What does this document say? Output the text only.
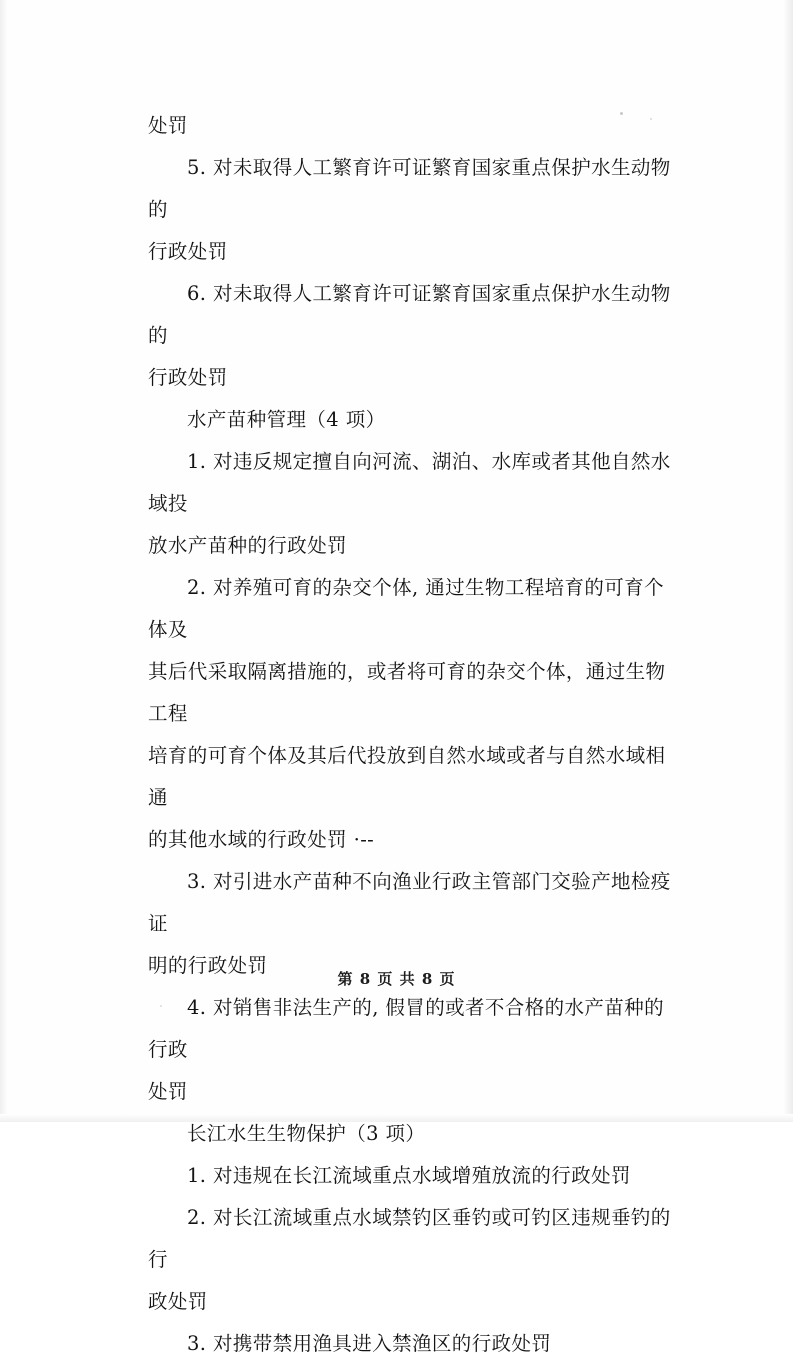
处罚
5. 对未取得人工繁育许可证繁育国家重点保护水生动物的
行政处罚
6. 对未取得人工繁育许可证繁育国家重点保护水生动物的
行政处罚
水产苗种管理（4 项）
1. 对违反规定擅自向河流、湖泊、水库或者其他自然水域投
放水产苗种的行政处罚
2. 对养殖可育的杂交个体, 通过生物工程培育的可育个体及
其后代采取隔离措施的，或者将可育的杂交个体，通过生物工程
培育的可育个体及其后代投放到自然水域或者与自然水域相通
的其他水域的行政处罚 ·--
3. 对引进水产苗种不向渔业行政主管部门交验产地检疫证
明的行政处罚
4. 对销售非法生产的, 假冒的或者不合格的水产苗种的行政
处罚
长江水生生物保护（3 项）
1. 对违规在长江流域重点水域增殖放流的行政处罚
2. 对长江流域重点水域禁钓区垂钓或可钓区违规垂钓的行
政处罚
3. 对携带禁用渔具进入禁渔区的行政处罚
第 8 页 共 8 页
